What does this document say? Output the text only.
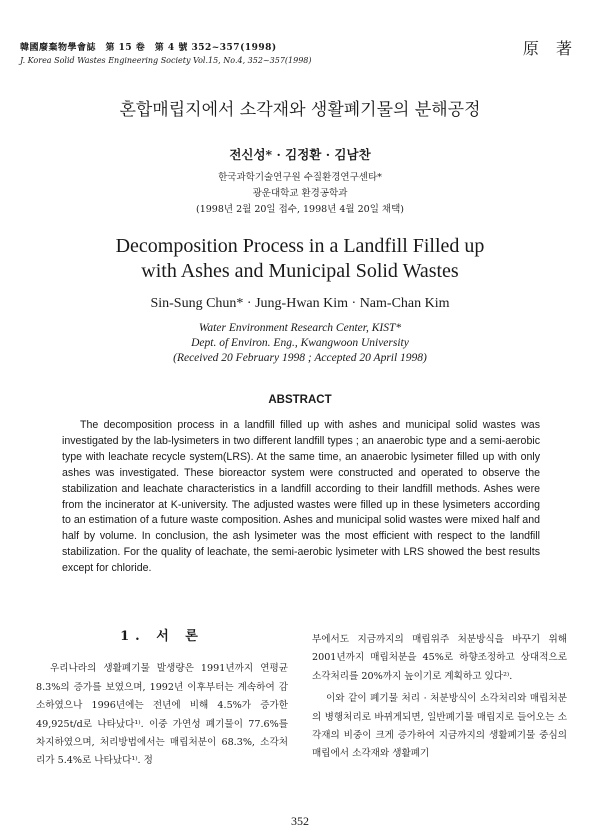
韓國廢棄物學會誌　第 15 卷　第 4 號 352~357(1998)
J. Korea Solid Wastes Engineering Society Vol.15, No.4, 352~357(1998)
原 著
혼합매립지에서 소각재와 생활폐기물의 분해공정
전신성* · 김정환 · 김남찬
한국과학기술연구원 수질환경연구센타*
광운대학교 환경공학과
(1998년 2월 20일 접수, 1998년 4월 20일 채택)
Decomposition Process in a Landfill Filled up
with Ashes and Municipal Solid Wastes
Sin-Sung Chun* · Jung-Hwan Kim · Nam-Chan Kim
Water Environment Research Center, KIST*
Dept. of Environ. Eng., Kwangwoon University
(Received 20 February 1998 ; Accepted 20 April 1998)
ABSTRACT

The decomposition process in a landfill filled up with ashes and municipal solid wastes was investigated by the lab-lysimeters in two different landfill types ; an anaerobic type and a semi-aerobic type with leachate recycle system(LRS). At the same time, an anaerobic lysimeter filled up with only ashes was investigated. These bioreactor system were constructed and operated to observe the stabilization and leachate characteristics in a landfill according to their landfill methods. Ashes were from the incinerator at K-university. The adjusted wastes were filled up in these lysimeters according to an estimation of a future waste composition. Ashes and municipal solid wastes were mixed half and half by volume. In conclusion, the ash lysimeter was the most efficient with respect to the landfill stabilization. For the quality of leachate, the semi-aerobic lysimeter with LRS showed the best results except for chloride.

1. 서 론

우리나라의 생활폐기물 발생량은 1991년까지 연평균 8.3%의 증가를 보였으며, 1992년 이후부터는 계속하여 감소하였으나 1996년에는 전년에 비해 4.5%가 증가한 49,925t/d로 나타났다¹⁾. 이중 가연성 폐기물이 77.6%를 차지하였으며, 처리방법에서는 매립처분이 68.3%, 소각처리가 5.4%로 나타났다¹⁾. 정

부에서도 지금까지의 매립위주 처분방식을 바꾸기 위해 2001년까지 매립처분을 45%로 하향조정하고 상대적으로 소각처리를 20%까지 높이기로 계획하고 있다²⁾.

이와 같이 폐기물 처리 · 처분방식이 소각처리와 매립처분의 병행처리로 바뀌게되면, 일반폐기물 매립지로 들어오는 소각재의 비중이 크게 증가하여 지금까지의 생활폐기물 중심의 매립에서 소각재와 생활폐기

352
